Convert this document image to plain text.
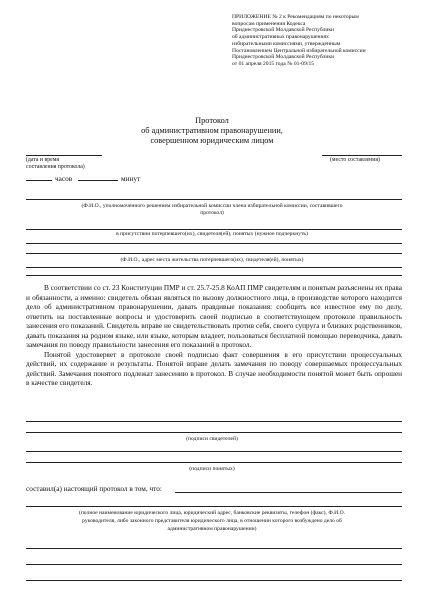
ПРИЛОЖЕНИЕ № 2 к Рекомендациям по некоторым
вопросам применения Кодекса
Приднестровской Молдавской Республики
об административных правонарушениях
избирательными комиссиями, утвержденным
Постановлением Центральной избирательной комиссии
Приднестровской Молдавской Республики
от 01 апреля 2015 года № 01-09/15
Протокол
об административном правонарушении,
совершенном юридическим лицом
(дата и время
составления протокола)
(место составления)
часов	минут
(Ф.И.О., уполномоченного решением избирательной комиссии члена избирательной комиссии, составившего
протокол)
в присутствии потерпевшего(их), свидетеля(ей), понятых (нужное подчеркнуть)
(Ф.И.О., адрес места жительства потерпевшего(их), свидетеля(ей), понятых)

В соответствии со ст. 23 Конституции ПМР и ст. 25.7-25.8 КоАП ПМР свидетелям и понятым разъяснены их права и обязанности, а именно: свидетель обязан являться по вызову должностного лица, в производстве которого находится дело об административном правонарушении, давать правдивые показания: сообщить все известное ему по делу, ответить на поставленные вопросы и удостоверить своей подписью в соответствующем протоколе правильность занесения его показаний. Свидетель вправе не свидетельствовать против себя, своего супруга и близких родственников, давать показания на родном языке, или языке, которым владеет, пользоваться бесплатной помощью переводчика, давать замечания по поводу правильности занесения его показаний в протокол.

Понятой удостоверяет в протоколе своей подписью факт совершения в его присутствии процессуальных действий, их содержание и результаты. Понятой вправе делать замечания по поводу совершаемых процессуальных действий. Замечания понятого подлежат занесению в протокол. В случае необходимости понятой может быть опрошен в качестве свидетеля.

(подписи свидетелей)
(подписи понятых)
составил(а) настоящий протокол в том, что:
(полное наименование юридического лица, юридический адрес, банковские реквизиты, телефон (факс), Ф.И.О.
руководителя, либо законного представителя юридического лица, в отношении которого возбуждено дело об
административном правонарушении)
